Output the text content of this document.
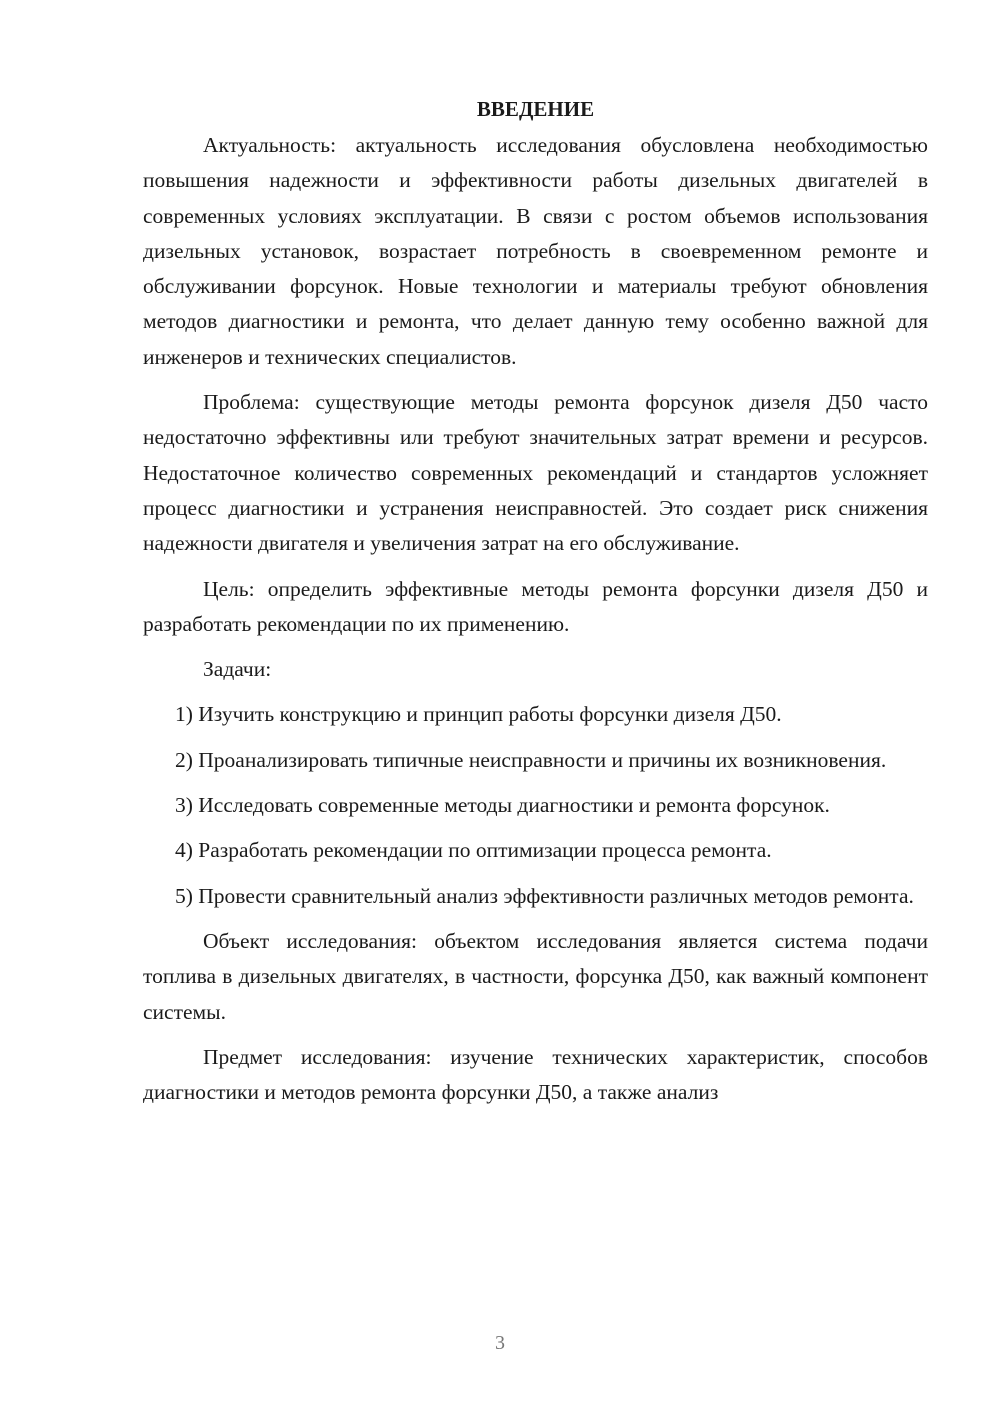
ВВЕДЕНИЕ

Актуальность: актуальность исследования обусловлена необходимостью повышения надежности и эффективности работы дизельных двигателей в современных условиях эксплуатации. В связи с ростом объемов использования дизельных установок, возрастает потребность в своевременном ремонте и обслуживании форсунок. Новые технологии и материалы требуют обновления методов диагностики и ремонта, что делает данную тему особенно важной для инженеров и технических специалистов.

Проблема: существующие методы ремонта форсунок дизеля Д50 часто недостаточно эффективны или требуют значительных затрат времени и ресурсов. Недостаточное количество современных рекомендаций и стандартов усложняет процесс диагностики и устранения неисправностей. Это создает риск снижения надежности двигателя и увеличения затрат на его обслуживание.

Цель: определить эффективные методы ремонта форсунки дизеля Д50 и разработать рекомендации по их применению.

Задачи:

1) Изучить конструкцию и принцип работы форсунки дизеля Д50.

2) Проанализировать типичные неисправности и причины их возникновения.

3) Исследовать современные методы диагностики и ремонта форсунок.

4) Разработать рекомендации по оптимизации процесса ремонта.

5) Провести сравнительный анализ эффективности различных методов ремонта.

Объект исследования: объектом исследования является система подачи топлива в дизельных двигателях, в частности, форсунка Д50, как важный компонент системы.

Предмет исследования: изучение технических характеристик, способов диагностики и методов ремонта форсунки Д50, а также анализ

3
